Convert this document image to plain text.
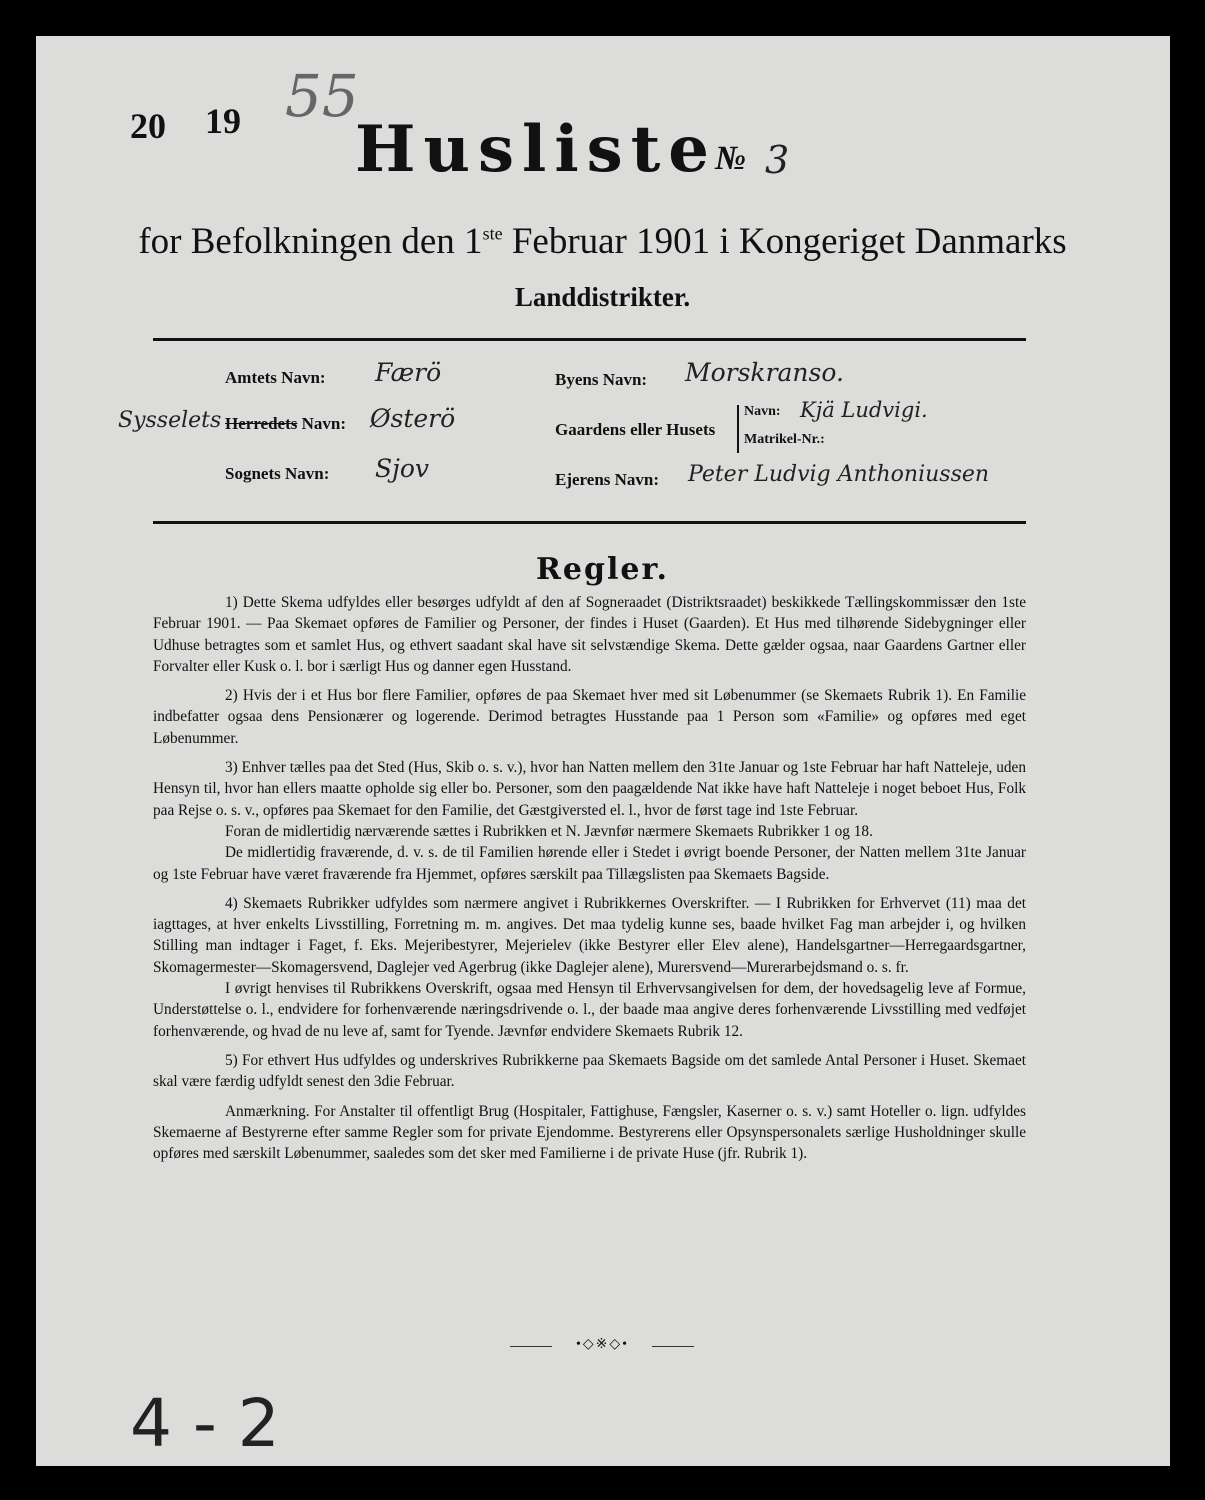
20 19 55
Husliste
№ 3
for Befolkningen den 1ste Februar 1901 i Kongeriget Danmarks
Landdistrikter.
Amtets Navn: Færö
Sysselets Herredets Navn: Østerö
Sognets Navn: Sjov
Byens Navn: Morskranso.
Gaardens eller Husets
Navn: Kjä Ludvigi.
Matrikel-Nr.:
Ejerens Navn: Peter Ludvig Anthoniussen
Regler.

1) Dette Skema udfyldes eller besørges udfyldt af den af Sogneraadet (Distriktsraadet) beskikkede Tællingskommissær den 1ste Februar 1901. — Paa Skemaet opføres de Familier og Personer, der findes i Huset (Gaarden). Et Hus med tilhørende Sidebygninger eller Udhuse betragtes som et samlet Hus, og ethvert saadant skal have sit selvstændige Skema. Dette gælder ogsaa, naar Gaardens Gartner eller Forvalter eller Kusk o. l. bor i særligt Hus og danner egen Husstand.

2) Hvis der i et Hus bor flere Familier, opføres de paa Skemaet hver med sit Løbenummer (se Skemaets Rubrik 1). En Familie indbefatter ogsaa dens Pensionærer og logerende. Derimod betragtes Husstande paa 1 Person som «Familie» og opføres med eget Løbenummer.

3) Enhver tælles paa det Sted (Hus, Skib o. s. v.), hvor han Natten mellem den 31te Januar og 1ste Februar har haft Natteleje, uden Hensyn til, hvor han ellers maatte opholde sig eller bo. Personer, som den paagældende Nat ikke have haft Natteleje i noget beboet Hus, Folk paa Rejse o. s. v., opføres paa Skemaet for den Familie, det Gæstgiversted el. l., hvor de først tage ind 1ste Februar.

Foran de midlertidig nærværende sættes i Rubrikken et N. Jævnfør nærmere Skemaets Rubrikker 1 og 18.

De midlertidig fraværende, d. v. s. de til Familien hørende eller i Stedet i øvrigt boende Personer, der Natten mellem 31te Januar og 1ste Februar have været fraværende fra Hjemmet, opføres særskilt paa Tillægslisten paa Skemaets Bagside.

4) Skemaets Rubrikker udfyldes som nærmere angivet i Rubrikkernes Overskrifter. — I Rubrikken for Erhvervet (11) maa det iagttages, at hver enkelts Livsstilling, Forretning m. m. angives. Det maa tydelig kunne ses, baade hvilket Fag man arbejder i, og hvilken Stilling man indtager i Faget, f. Eks. Mejeribestyrer, Mejerielev (ikke Bestyrer eller Elev alene), Handelsgartner—Herregaardsgartner, Skomagermester—Skomagersvend, Daglejer ved Agerbrug (ikke Daglejer alene), Murersvend—Murerarbejdsmand o. s. fr.

I øvrigt henvises til Rubrikkens Overskrift, ogsaa med Hensyn til Erhvervsangivelsen for dem, der hovedsagelig leve af Formue, Understøttelse o. l., endvidere for forhenværende næringsdrivende o. l., der baade maa angive deres forhenværende Livsstilling med vedføjet forhenværende, og hvad de nu leve af, samt for Tyende. Jævnfør endvidere Skemaets Rubrik 12.

5) For ethvert Hus udfyldes og underskrives Rubrikkerne paa Skemaets Bagside om det samlede Antal Personer i Huset. Skemaet skal være færdig udfyldt senest den 3die Februar.

Anmærkning. For Anstalter til offentligt Brug (Hospitaler, Fattighuse, Fængsler, Kaserner o. s. v.) samt Hoteller o. lign. udfyldes Skemaerne af Bestyrerne efter samme Regler som for private Ejendomme. Bestyrerens eller Opsynspersonalets særlige Husholdninger skulle opføres med særskilt Løbenummer, saaledes som det sker med Familierne i de private Huse (jfr. Rubrik 1).

•◇※◇•
4 - 2
